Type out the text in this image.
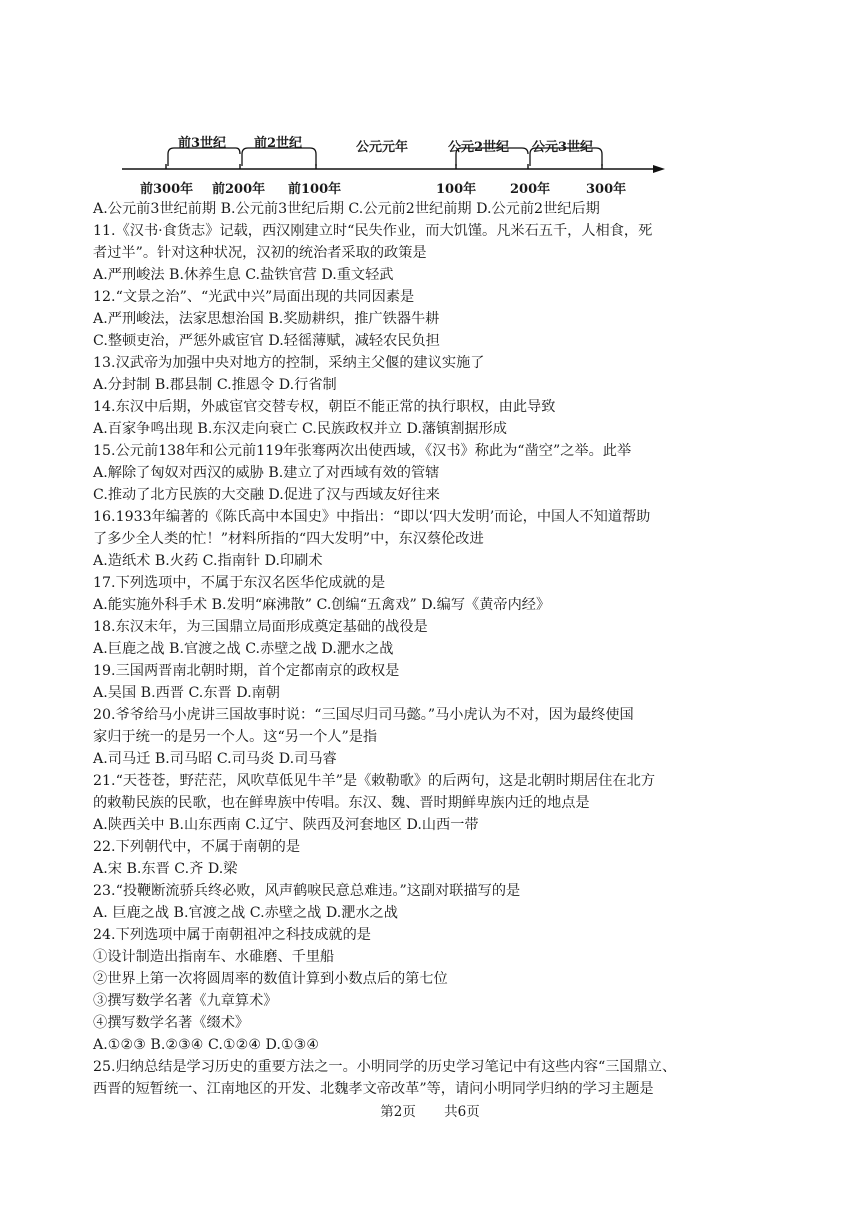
前3世纪 前2世纪	公元元年	公元2世纪 公元3世纪
前300年 前200年 前100年	100年	200年	300年
A.公元前3世纪前期 B.公元前3世纪后期 C.公元前2世纪前期 D.公元前2世纪后期
11.《汉书·食货志》记载，西汉刚建立时“民失作业，而大饥馑。凡米石五千，人相食，死
者过半”。针对这种状况，汉初的统治者采取的政策是
A.严刑峻法 B.休养生息 C.盐铁官营 D.重文轻武
12.“文景之治”、“光武中兴”局面出现的共同因素是
A.严刑峻法，法家思想治国 B.奖励耕织，推广铁器牛耕
C.整顿吏治，严惩外戚宦官 D.轻徭薄赋，减轻农民负担
13.汉武帝为加强中央对地方的控制，采纳主父偃的建议实施了
A.分封制 B.郡县制 C.推恩令 D.行省制
14.东汉中后期，外戚宦官交替专权，朝臣不能正常的执行职权，由此导致
A.百家争鸣出现 B.东汉走向衰亡 C.民族政权并立 D.藩镇割据形成
15.公元前138年和公元前119年张骞两次出使西域，《汉书》称此为“凿空”之举。此举
A.解除了匈奴对西汉的威胁 B.建立了对西域有效的管辖
C.推动了北方民族的大交融 D.促进了汉与西域友好往来
16.1933年编著的《陈氏高中本国史》中指出：“即以‘四大发明’而论，中国人不知道帮助
了多少全人类的忙！”材料所指的“四大发明”中，东汉蔡伦改进
A.造纸术 B.火药 C.指南针 D.印刷术
17.下列选项中，不属于东汉名医华佗成就的是
A.能实施外科手术 B.发明“麻沸散” C.创编“五禽戏” D.编写《黄帝内经》
18.东汉末年，为三国鼎立局面形成奠定基础的战役是
A.巨鹿之战 B.官渡之战 C.赤壁之战 D.淝水之战
19.三国两晋南北朝时期，首个定都南京的政权是
A.吴国 B.西晋 C.东晋 D.南朝
20.爷爷给马小虎讲三国故事时说：“三国尽归司马懿。”马小虎认为不对，因为最终使国
家归于统一的是另一个人。这“另一个人”是指
A.司马迁 B.司马昭 C.司马炎 D.司马睿
21.“天苍苍，野茫茫，风吹草低见牛羊”是《敕勒歌》的后两句，这是北朝时期居住在北方
的敕勒民族的民歌，也在鲜卑族中传唱。东汉、魏、晋时期鲜卑族内迁的地点是
A.陕西关中 B.山东西南 C.辽宁、陕西及河套地区 D.山西一带
22.下列朝代中，不属于南朝的是
A.宋 B.东晋 C.齐 D.梁
23.“投鞭断流骄兵终必败，风声鹤唳民意总难违。”这副对联描写的是
A. 巨鹿之战 B.官渡之战 C.赤壁之战 D.淝水之战
24.下列选项中属于南朝祖冲之科技成就的是
①设计制造出指南车、水碓磨、千里船
②世界上第一次将圆周率的数值计算到小数点后的第七位
③撰写数学名著《九章算术》
④撰写数学名著《缀术》
A.①②③ B.②③④ C.①②④ D.①③④
25.归纳总结是学习历史的重要方法之一。小明同学的历史学习笔记中有这些内容“三国鼎立、
西晋的短暂统一、江南地区的开发、北魏孝文帝改革”等，请问小明同学归纳的学习主题是
第2页 共6页
